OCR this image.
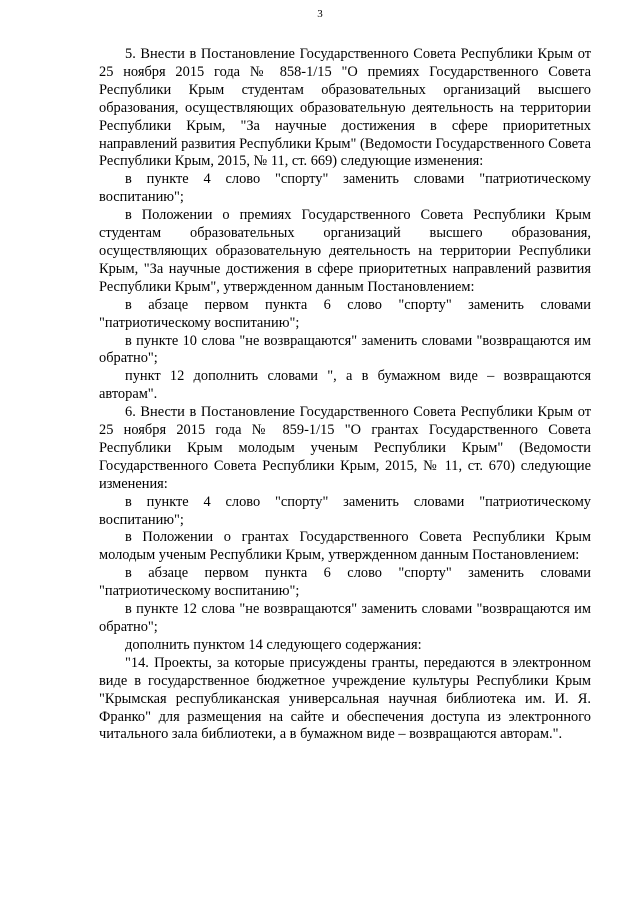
3

5. Внести в Постановление Государственного Совета Республики Крым от 25 ноября 2015 года № 858-1/15 "О премиях Государственного Совета Республики Крым студентам образовательных организаций высшего образования, осуществляющих образовательную деятельность на территории Республики Крым, "За научные достижения в сфере приоритетных направлений развития Республики Крым" (Ведомости Государственного Совета Республики Крым, 2015, № 11, ст. 669) следующие изменения:

в пункте 4 слово "спорту" заменить словами "патриотическому воспитанию";

в Положении о премиях Государственного Совета Республики Крым студентам образовательных организаций высшего образования, осуществляющих образовательную деятельность на территории Республики Крым, "За научные достижения в сфере приоритетных направлений развития Республики Крым", утвержденном данным Постановлением:

в абзаце первом пункта 6 слово "спорту" заменить словами "патриотическому воспитанию";

в пункте 10 слова "не возвращаются" заменить словами "возвращаются им обратно";

пункт 12 дополнить словами ", а в бумажном виде – возвращаются авторам".

6. Внести в Постановление Государственного Совета Республики Крым от 25 ноября 2015 года № 859-1/15 "О грантах Государственного Совета Республики Крым молодым ученым Республики Крым" (Ведомости Государственного Совета Республики Крым, 2015, № 11, ст. 670) следующие изменения:

в пункте 4 слово "спорту" заменить словами "патриотическому воспитанию";

в Положении о грантах Государственного Совета Республики Крым молодым ученым Республики Крым, утвержденном данным Постановлением:

в абзаце первом пункта 6 слово "спорту" заменить словами "патриотическому воспитанию";

в пункте 12 слова "не возвращаются" заменить словами "возвращаются им обратно";

дополнить пунктом 14 следующего содержания:

"14. Проекты, за которые присуждены гранты, передаются в электронном виде в государственное бюджетное учреждение культуры Республики Крым "Крымская республиканская универсальная научная библиотека им. И. Я. Франко" для размещения на сайте и обеспечения доступа из электронного читального зала библиотеки, а в бумажном виде – возвращаются авторам.".
